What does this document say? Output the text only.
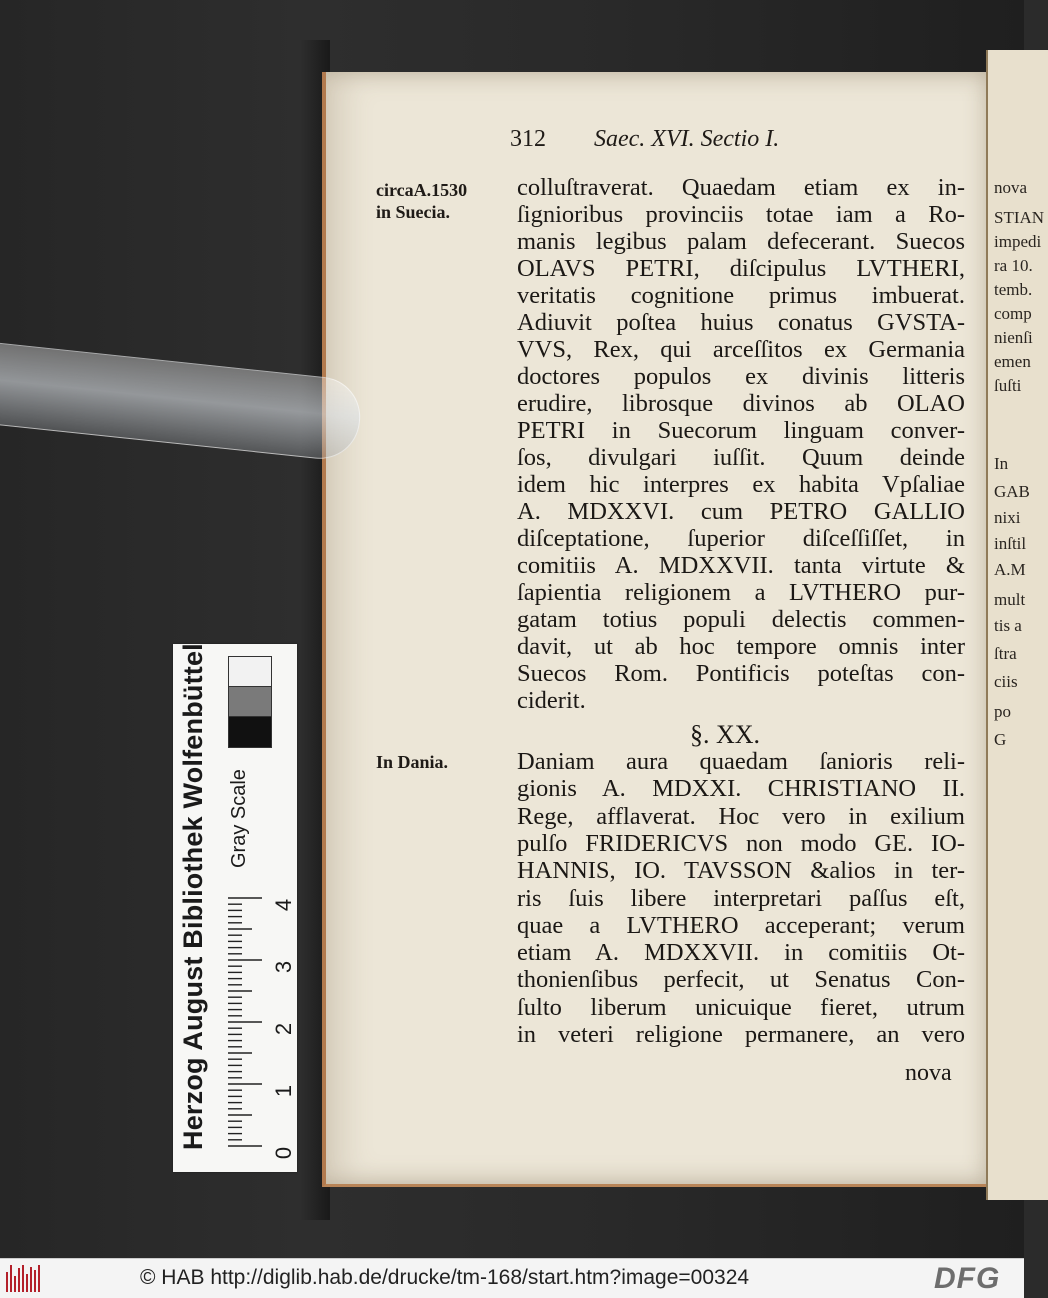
nova
STIAN
impedi
ra 10.
temb.
comp
nienſi
emen
ſuſti
In
GAB
nixi
inſtil
A.M
mult
tis a
ſtra
ciis
po
G
312 Saec. XVI. Sectio I.
circaA.1530
in Suecia.
In Dania.
colluſtraverat. Quaedam etiam ex in-
ſignioribus provinciis totae iam a Ro-
manis legibus palam defecerant. Suecos
OLAVS PETRI, diſcipulus LVTHERI,
veritatis cognitione primus imbuerat.
Adiuvit poſtea huius conatus GVSTA-
VVS, Rex, qui arceſſitos ex Germania
doctores populos ex divinis litteris
erudire, librosque divinos ab OLAO
PETRI in Suecorum linguam conver-
ſos, divulgari iuſſit. Quum deinde
idem hic interpres ex habita Vpſaliae
A. MDXXVI. cum PETRO GALLIO
diſceptatione, ſuperior diſceſſiſſet, in
comitiis A. MDXXVII. tanta virtute &
ſapientia religionem a LVTHERO pur-
gatam totius populi delectis commen-
davit, ut ab hoc tempore omnis inter
Suecos Rom. Pontificis poteſtas con-
ciderit.
§. XX.
Daniam aura quaedam ſanioris reli-
gionis A. MDXXI. CHRISTIANO II.
Rege, afflaverat. Hoc vero in exilium
pulſo FRIDERICVS non modo GE. IO-
HANNIS, IO. TAVSSON &alios in ter-
ris ſuis libere interpretari paſſus eſt,
quae a LVTHERO acceperant; verum
etiam A. MDXXVII. in comitiis Ot-
thonienſibus perfecit, ut Senatus Con-
ſulto liberum unicuique fieret, utrum
in veteri religione permanere, an vero
nova
Herzog August Bibliothek Wolfenbüttel Gray Scale
0
1
2
3
4
© HAB http://diglib.hab.de/drucke/tm-168/start.htm?image=00324	DFG
